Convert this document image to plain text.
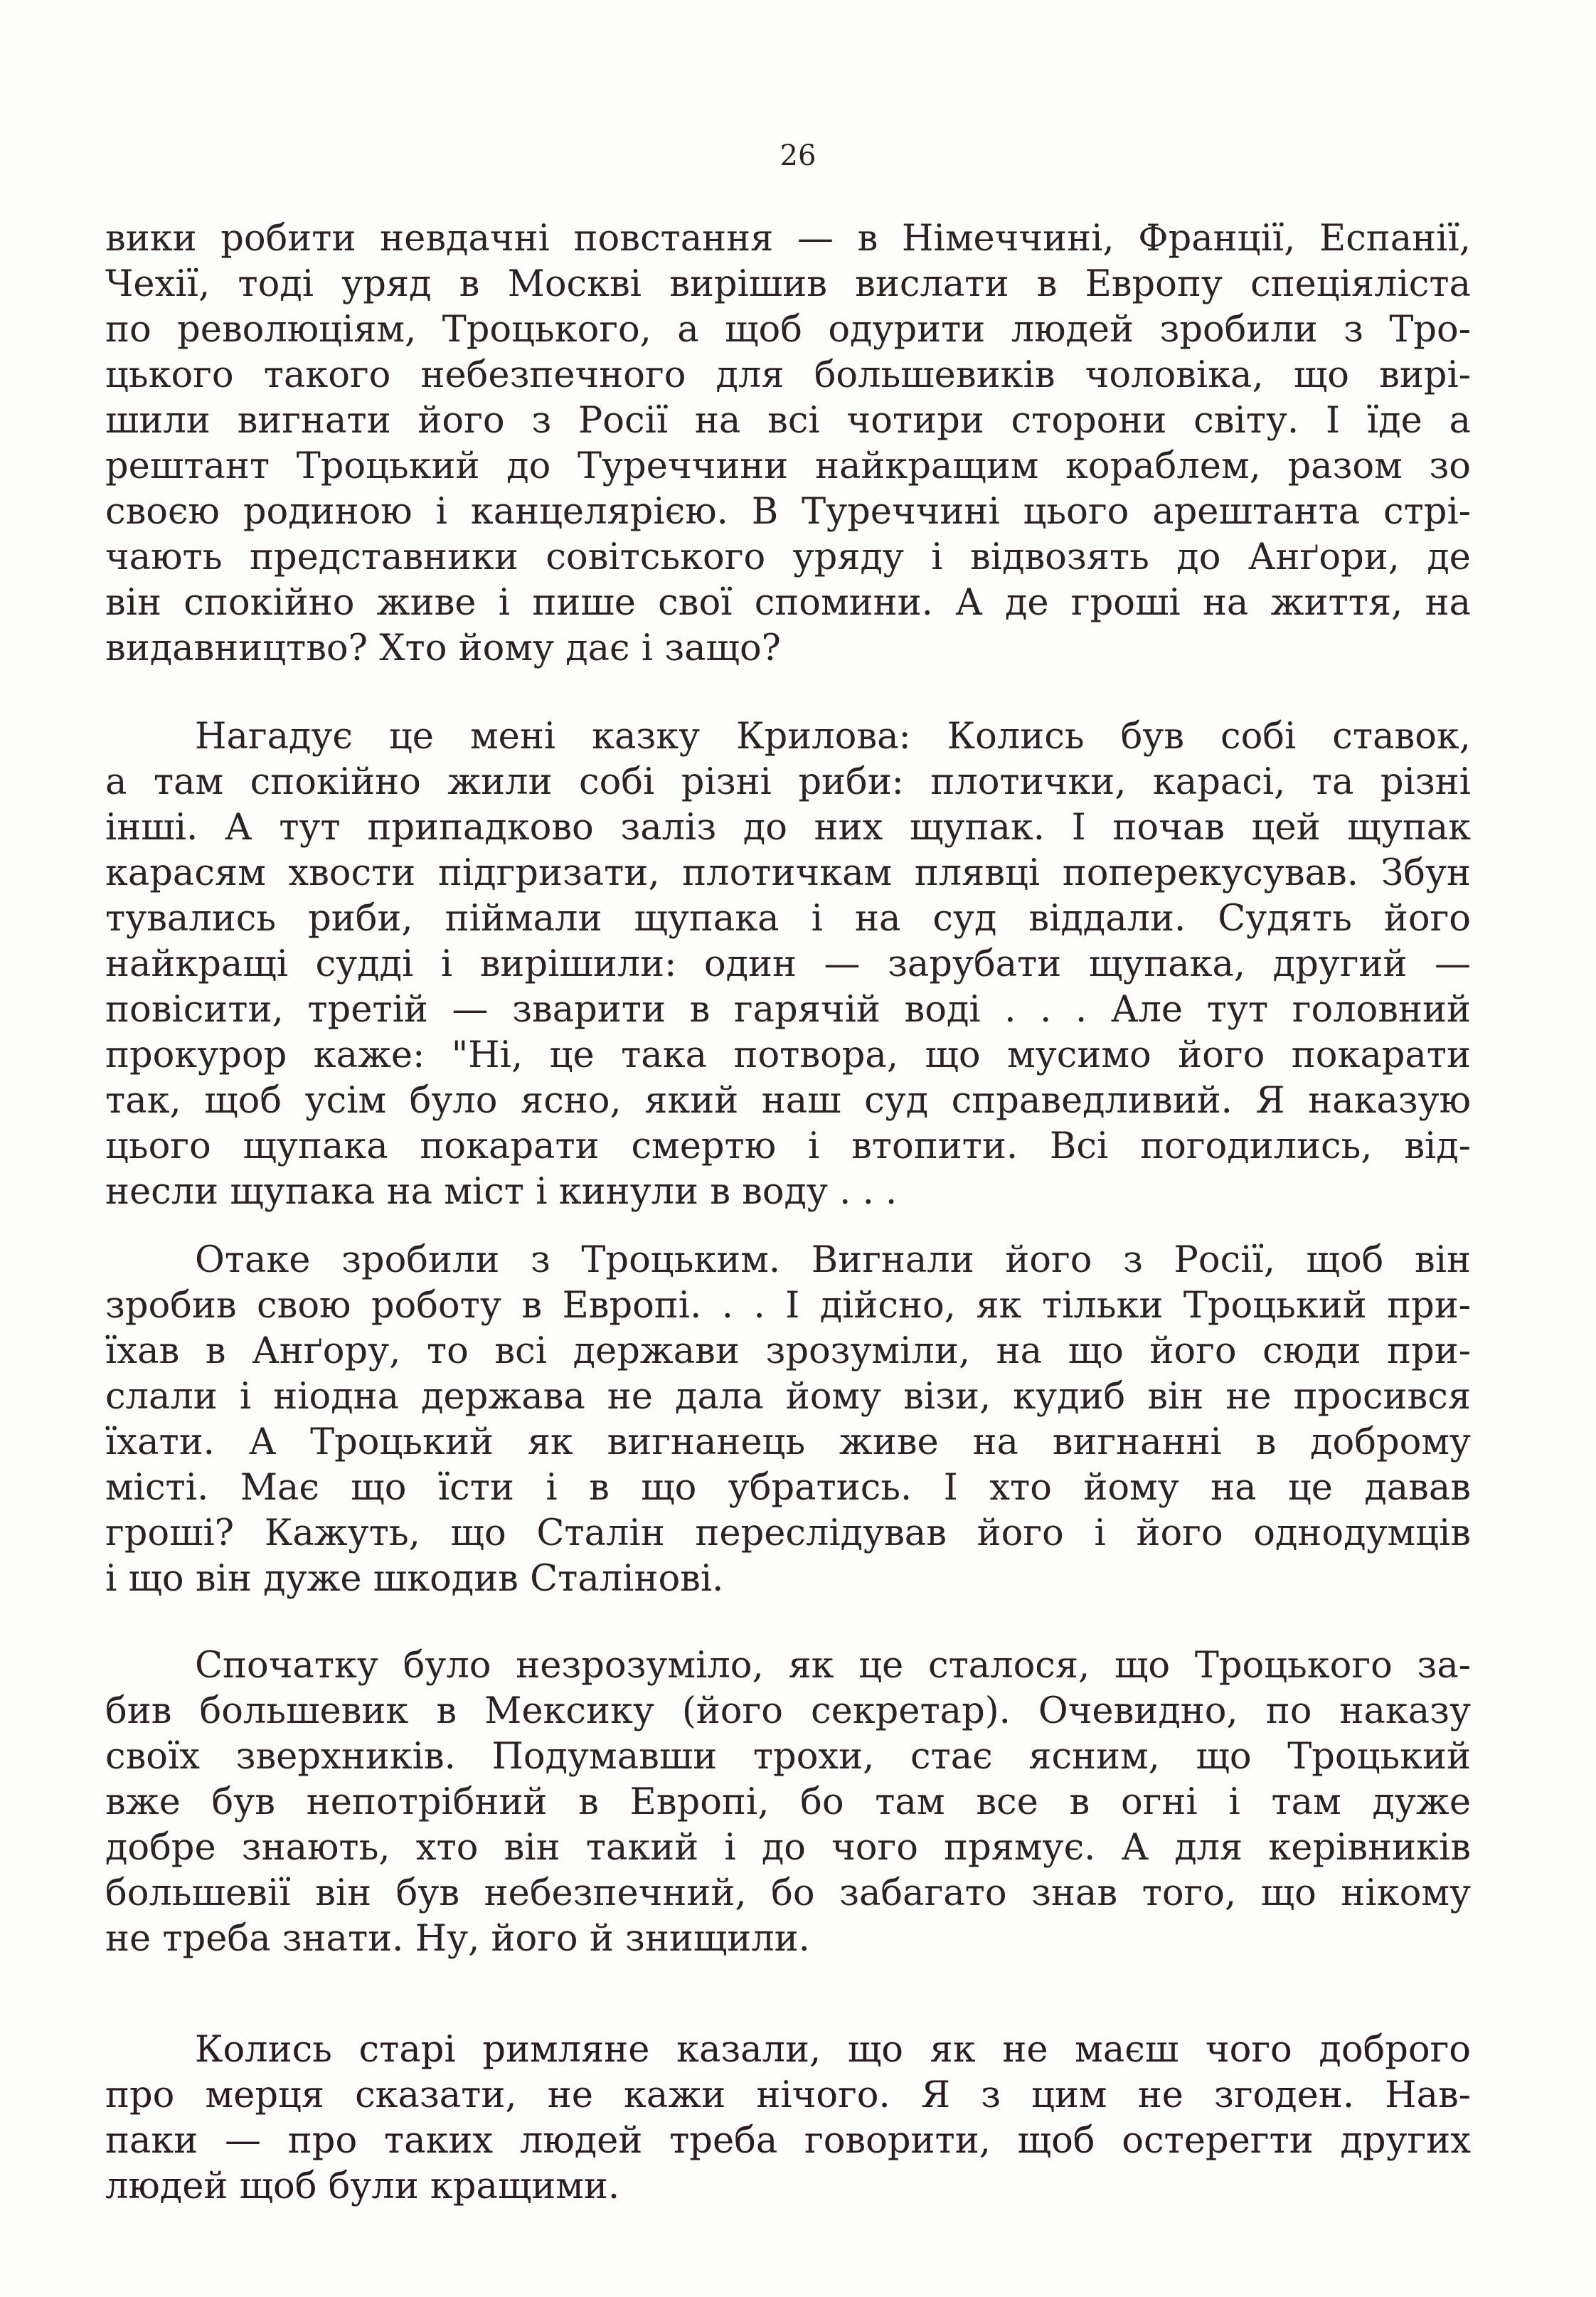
26
вики робити невдачні повстання — в Німеччині, Франції, Еспанії,
Чехії, тоді уряд в Москві вирішив вислати в Европу спеціяліста
по революціям, Троцького, а щоб одурити людей зробили з Тро-
цького такого небезпечного для большевиків чоловіка, що вирі-
шили вигнати його з Росії на всі чотири сторони світу. І їде а
рештант Троцький до Туреччини найкращим кораблем, разом зо
своєю родиною і канцелярією. В Туреччині цього арештанта стрі-
чають представники совітського уряду і відвозять до Анґори, де
він спокійно живе і пише свої спомини. А де гроші на життя, на
видавництво? Хто йому дає і защо?
Нагадує це мені казку Крилова: Колись був собі ставок,
а там спокійно жили собі різні риби: плотички, карасі, та різні
інші. А тут припадково заліз до них щупак. І почав цей щупак
карасям хвости підгризати, плотичкам плявці поперекусував. Збун
тувались риби, піймали щупака і на суд віддали. Судять його
найкращі судді і вирішили: один — зарубати щупака, другий —
повісити, третій — зварити в гарячій воді . . . Але тут головний
прокурор каже: "Ні, це така потвора, що мусимо його покарати
так, щоб усім було ясно, який наш суд справедливий. Я наказую
цього щупака покарати смертю і втопити. Всі погодились, від-
несли щупака на міст і кинули в воду . . .
Отаке зробили з Троцьким. Вигнали його з Росії, щоб він
зробив свою роботу в Европі. . . І дійсно, як тільки Троцький при-
їхав в Анґору, то всі держави зрозуміли, на що його сюди при-
слали і ніодна держава не дала йому візи, кудиб він не просився
їхати. А Троцький як вигнанець живе на вигнанні в доброму
місті. Має що їсти і в що убратись. І хто йому на це давав
гроші? Кажуть, що Сталін переслідував його і його однодумців
і що він дуже шкодив Сталінові.
Спочатку було незрозуміло, як це сталося, що Троцького за-
бив большевик в Мексику (його секретар). Очевидно, по наказу
своїх зверхників. Подумавши трохи, стає ясним, що Троцький
вже був непотрібний в Европі, бо там все в огні і там дуже
добре знають, хто він такий і до чого прямує. А для керівників
большевії він був небезпечний, бо забагато знав того, що нікому
не треба знати. Ну, його й знищили.
Колись старі римляне казали, що як не маєш чого доброго
про мерця сказати, не кажи нічого. Я з цим не згоден. Нав-
паки — про таких людей треба говорити, щоб остерегти других
людей щоб були кращими.
